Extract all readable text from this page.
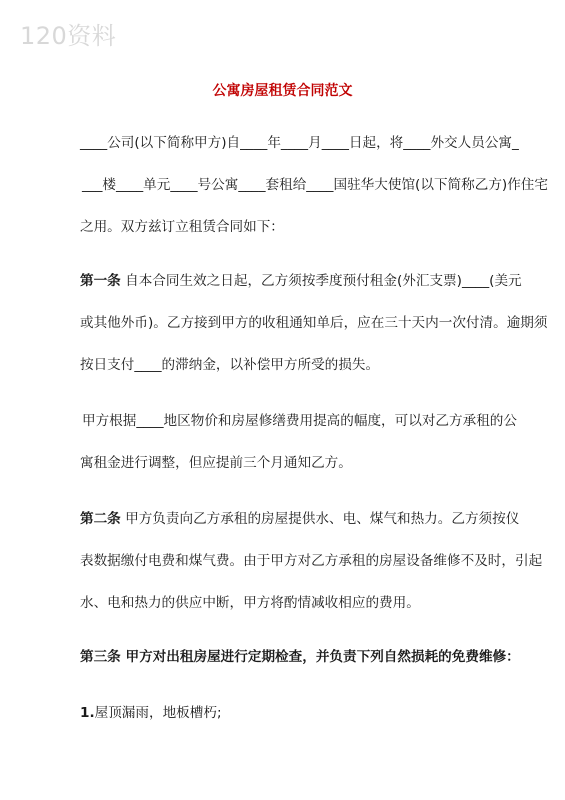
120资料
公寓房屋租赁合同范文
____公司(以下简称甲方)自____年____月____日起，将____外交人员公寓_
___楼____单元____号公寓____套租给____国驻华大使馆(以下简称乙方)作住宅
之用。双方兹订立租赁合同如下：
第一条 自本合同生效之日起，乙方须按季度预付租金(外汇支票)____(美元
或其他外币)。乙方接到甲方的收租通知单后，应在三十天内一次付清。逾期须
按日支付____的滞纳金，以补偿甲方所受的损失。
甲方根据____地区物价和房屋修缮费用提高的幅度，可以对乙方承租的公
寓租金进行调整，但应提前三个月通知乙方。
第二条 甲方负责向乙方承租的房屋提供水、电、煤气和热力。乙方须按仪
表数据缴付电费和煤气费。由于甲方对乙方承租的房屋设备维修不及时，引起
水、电和热力的供应中断，甲方将酌情减收相应的费用。
第三条 甲方对出租房屋进行定期检查，并负责下列自然损耗的免费维修：
1.屋顶漏雨，地板槽朽;
